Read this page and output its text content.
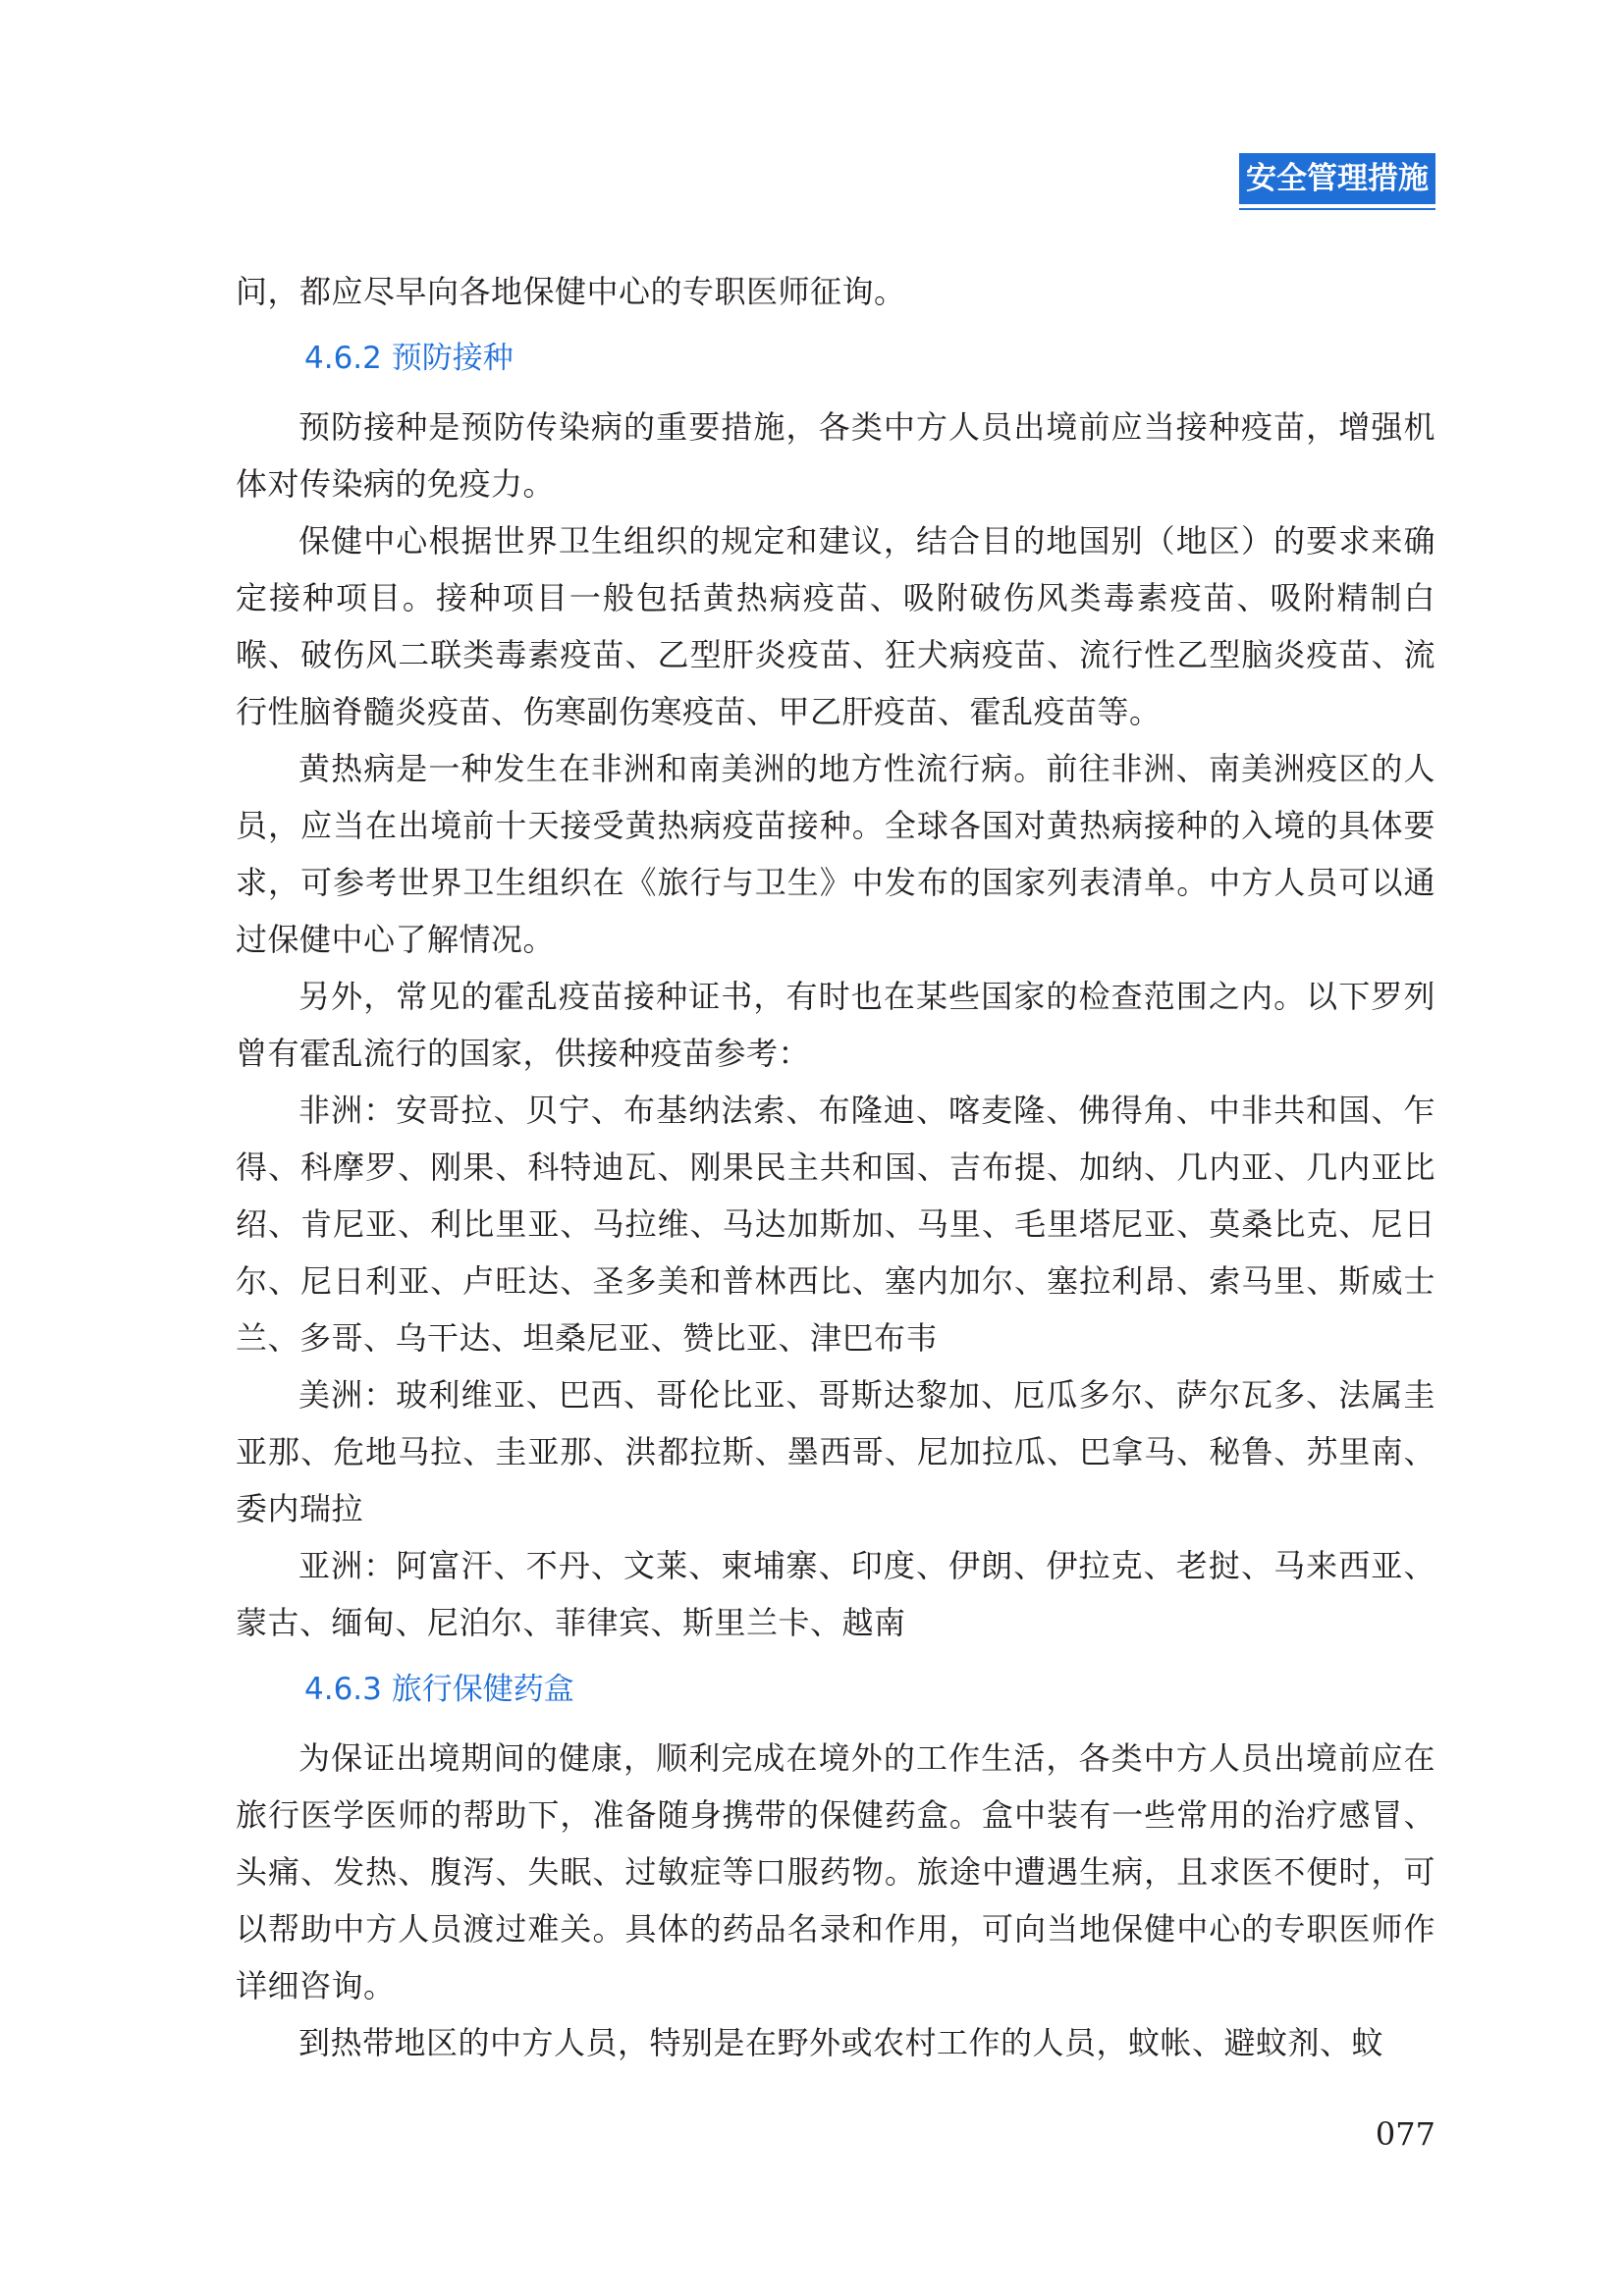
安全管理措施

问，都应尽早向各地保健中心的专职医师征询。

4.6.2 预防接种

预防接种是预防传染病的重要措施，各类中方人员出境前应当接种疫苗，增强机体对传染病的免疫力。

保健中心根据世界卫生组织的规定和建议，结合目的地国别（地区）的要求来确定接种项目。接种项目一般包括黄热病疫苗、吸附破伤风类毒素疫苗、吸附精制白喉、破伤风二联类毒素疫苗、乙型肝炎疫苗、狂犬病疫苗、流行性乙型脑炎疫苗、流行性脑脊髓炎疫苗、伤寒副伤寒疫苗、甲乙肝疫苗、霍乱疫苗等。

黄热病是一种发生在非洲和南美洲的地方性流行病。前往非洲、南美洲疫区的人员，应当在出境前十天接受黄热病疫苗接种。全球各国对黄热病接种的入境的具体要求，可参考世界卫生组织在《旅行与卫生》中发布的国家列表清单。中方人员可以通过保健中心了解情况。

另外，常见的霍乱疫苗接种证书，有时也在某些国家的检查范围之内。以下罗列曾有霍乱流行的国家，供接种疫苗参考：

非洲：安哥拉、贝宁、布基纳法索、布隆迪、喀麦隆、佛得角、中非共和国、乍得、科摩罗、刚果、科特迪瓦、刚果民主共和国、吉布提、加纳、几内亚、几内亚比绍、肯尼亚、利比里亚、马拉维、马达加斯加、马里、毛里塔尼亚、莫桑比克、尼日尔、尼日利亚、卢旺达、圣多美和普林西比、塞内加尔、塞拉利昂、索马里、斯威士兰、多哥、乌干达、坦桑尼亚、赞比亚、津巴布韦

美洲：玻利维亚、巴西、哥伦比亚、哥斯达黎加、厄瓜多尔、萨尔瓦多、法属圭亚那、危地马拉、圭亚那、洪都拉斯、墨西哥、尼加拉瓜、巴拿马、秘鲁、苏里南、委内瑞拉

亚洲：阿富汗、不丹、文莱、柬埔寨、印度、伊朗、伊拉克、老挝、马来西亚、蒙古、缅甸、尼泊尔、菲律宾、斯里兰卡、越南

4.6.3 旅行保健药盒

为保证出境期间的健康，顺利完成在境外的工作生活，各类中方人员出境前应在旅行医学医师的帮助下，准备随身携带的保健药盒。盒中装有一些常用的治疗感冒、头痛、发热、腹泻、失眠、过敏症等口服药物。旅途中遭遇生病，且求医不便时，可以帮助中方人员渡过难关。具体的药品名录和作用，可向当地保健中心的专职医师作详细咨询。

到热带地区的中方人员，特别是在野外或农村工作的人员，蚊帐、避蚊剂、蚊

077
